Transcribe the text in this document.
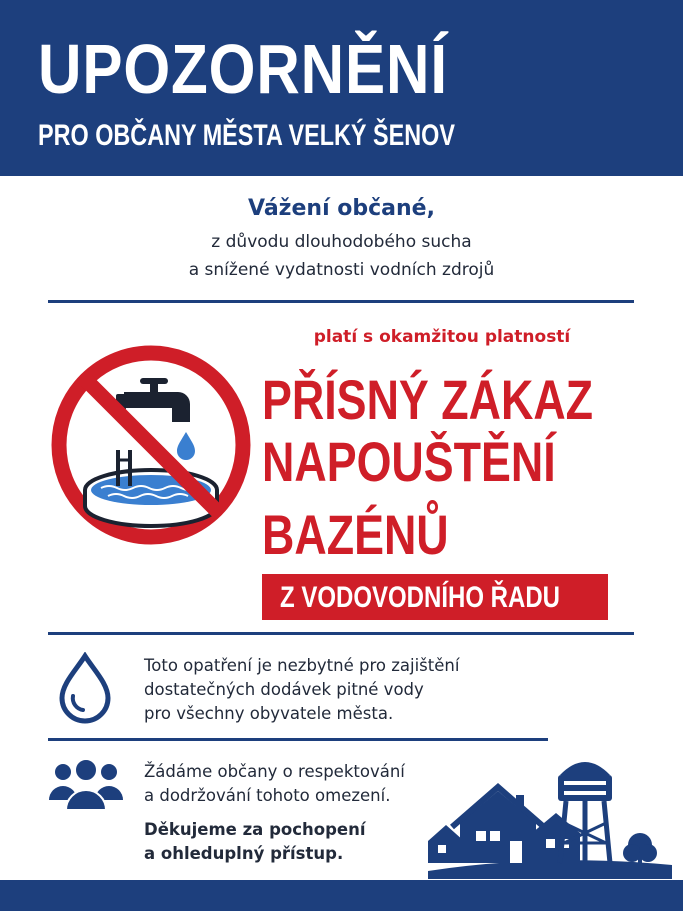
UPOZORNĚNÍ
PRO OBČANY MĚSTA VELKÝ ŠENOV
Vážení občané,
z důvodu dlouhodobého sucha
a snížené vydatnosti vodních zdrojů
platí s okamžitou platností
PŘÍSNÝ ZÁKAZ
NAPOUŠTĚNÍ
BAZÉNŮ
Z VODOVODNÍHO ŘADU
Toto opatření je nezbytné pro zajištění
dostatečných dodávek pitné vody
pro všechny obyvatele města.
Žádáme občany o respektování
a dodržování tohoto omezení.
Děkujeme za pochopení
a ohleduplný přístup.
